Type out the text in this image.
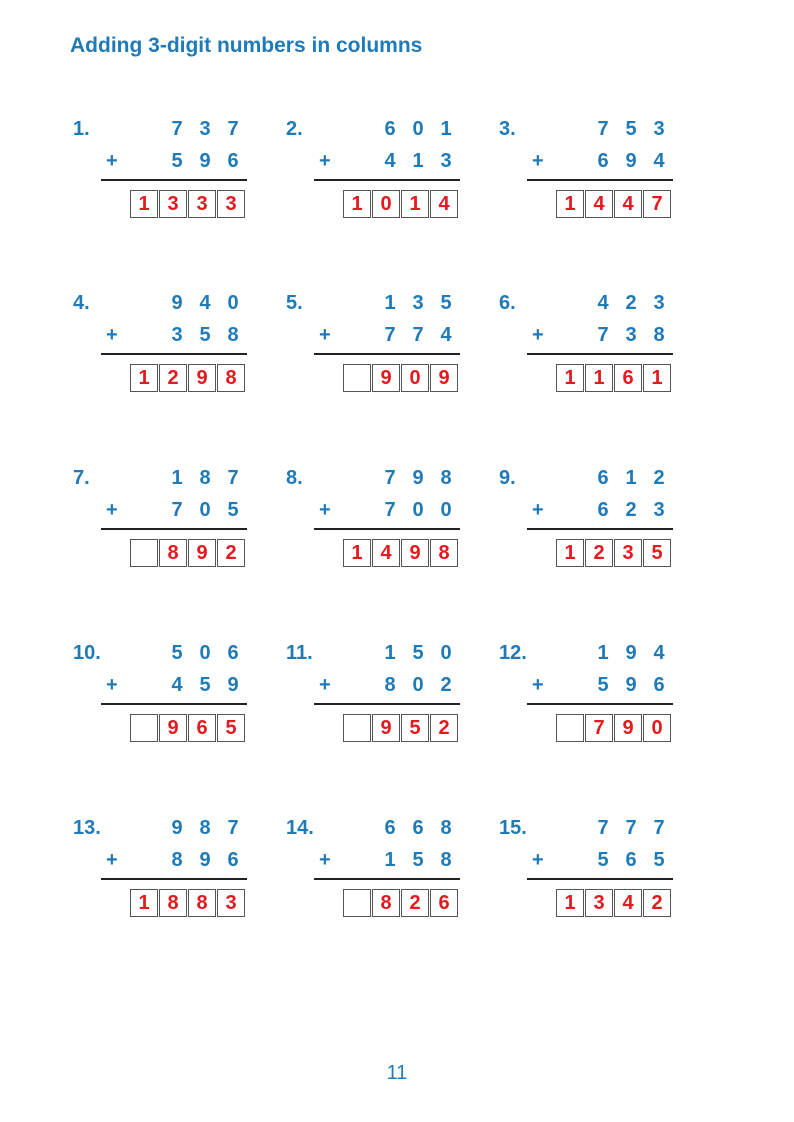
Adding 3-digit numbers in columns
1.	7 3 7
+	5 9 6
1 3 3 3
2.	6 0 1
+	4 1 3
1 0 1 4
3.	7 5 3
+	6 9 4
1 4 4 7
4.	9 4 0
+	3 5 8
1 2 9 8
5.	1 3 5
+	7 7 4
9 0 9
6.	4 2 3
+	7 3 8
1 1 6 1
7.	1 8 7
+	7 0 5
8 9 2
8.	7 9 8
+	7 0 0
1 4 9 8
9.	6 1 2
+	6 2 3
1 2 3 5
10.	5 0 6
+	4 5 9
9 6 5
11.	1 5 0
+	8 0 2
9 5 2
12.	1 9 4
+	5 9 6
7 9 0
13.	9 8 7
+	8 9 6
1 8 8 3
14.	6 6 8
+	1 5 8
8 2 6
15.	7 7 7
+	5 6 5
1 3 4 2
11
